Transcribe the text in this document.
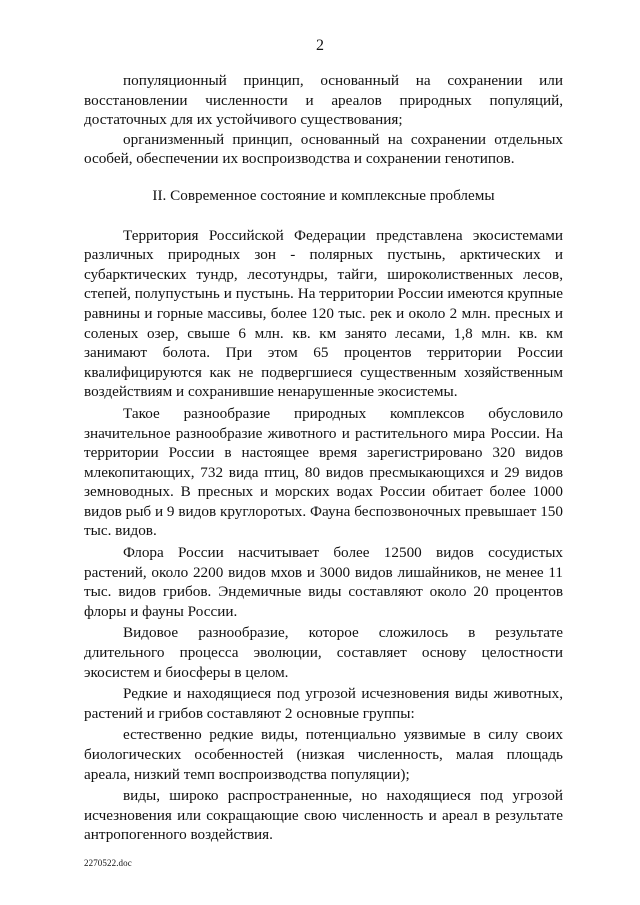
2

популяционный принцип, основанный на сохранении или восстановлении численности и ареалов природных популяций, достаточных для их устойчивого существования;

организменный принцип, основанный на сохранении отдельных особей, обеспечении их воспроизводства и сохранении генотипов.

II. Современное состояние и комплексные проблемы

Территория Российской Федерации представлена экосистемами различных природных зон - полярных пустынь, арктических и субарктических тундр, лесотундры, тайги, широколиственных лесов, степей, полупустынь и пустынь. На территории России имеются крупные равнины и горные массивы, более 120 тыс. рек и около 2 млн. пресных и соленых озер, свыше 6 млн. кв. км занято лесами, 1,8 млн. кв. км занимают болота. При этом 65 процентов территории России квалифицируются как не подвергшиеся существенным хозяйственным воздействиям и сохранившие ненарушенные экосистемы.

Такое разнообразие природных комплексов обусловило значительное разнообразие животного и растительного мира России. На территории России в настоящее время зарегистрировано 320 видов млекопитающих, 732 вида птиц, 80 видов пресмыкающихся и 29 видов земноводных. В пресных и морских водах России обитает более 1000 видов рыб и 9 видов круглоротых. Фауна беспозвоночных превышает 150 тыс. видов.

Флора России насчитывает более 12500 видов сосудистых растений, около 2200 видов мхов и 3000 видов лишайников, не менее 11 тыс. видов грибов. Эндемичные виды составляют около 20 процентов флоры и фауны России.

Видовое разнообразие, которое сложилось в результате длительного процесса эволюции, составляет основу целостности экосистем и биосферы в целом.

Редкие и находящиеся под угрозой исчезновения виды животных, растений и грибов составляют 2 основные группы:

естественно редкие виды, потенциально уязвимые в силу своих биологических особенностей (низкая численность, малая площадь ареала, низкий темп воспроизводства популяции);

виды, широко распространенные, но находящиеся под угрозой исчезновения или сокращающие свою численность и ареал в результате антропогенного воздействия.

2270522.doc
